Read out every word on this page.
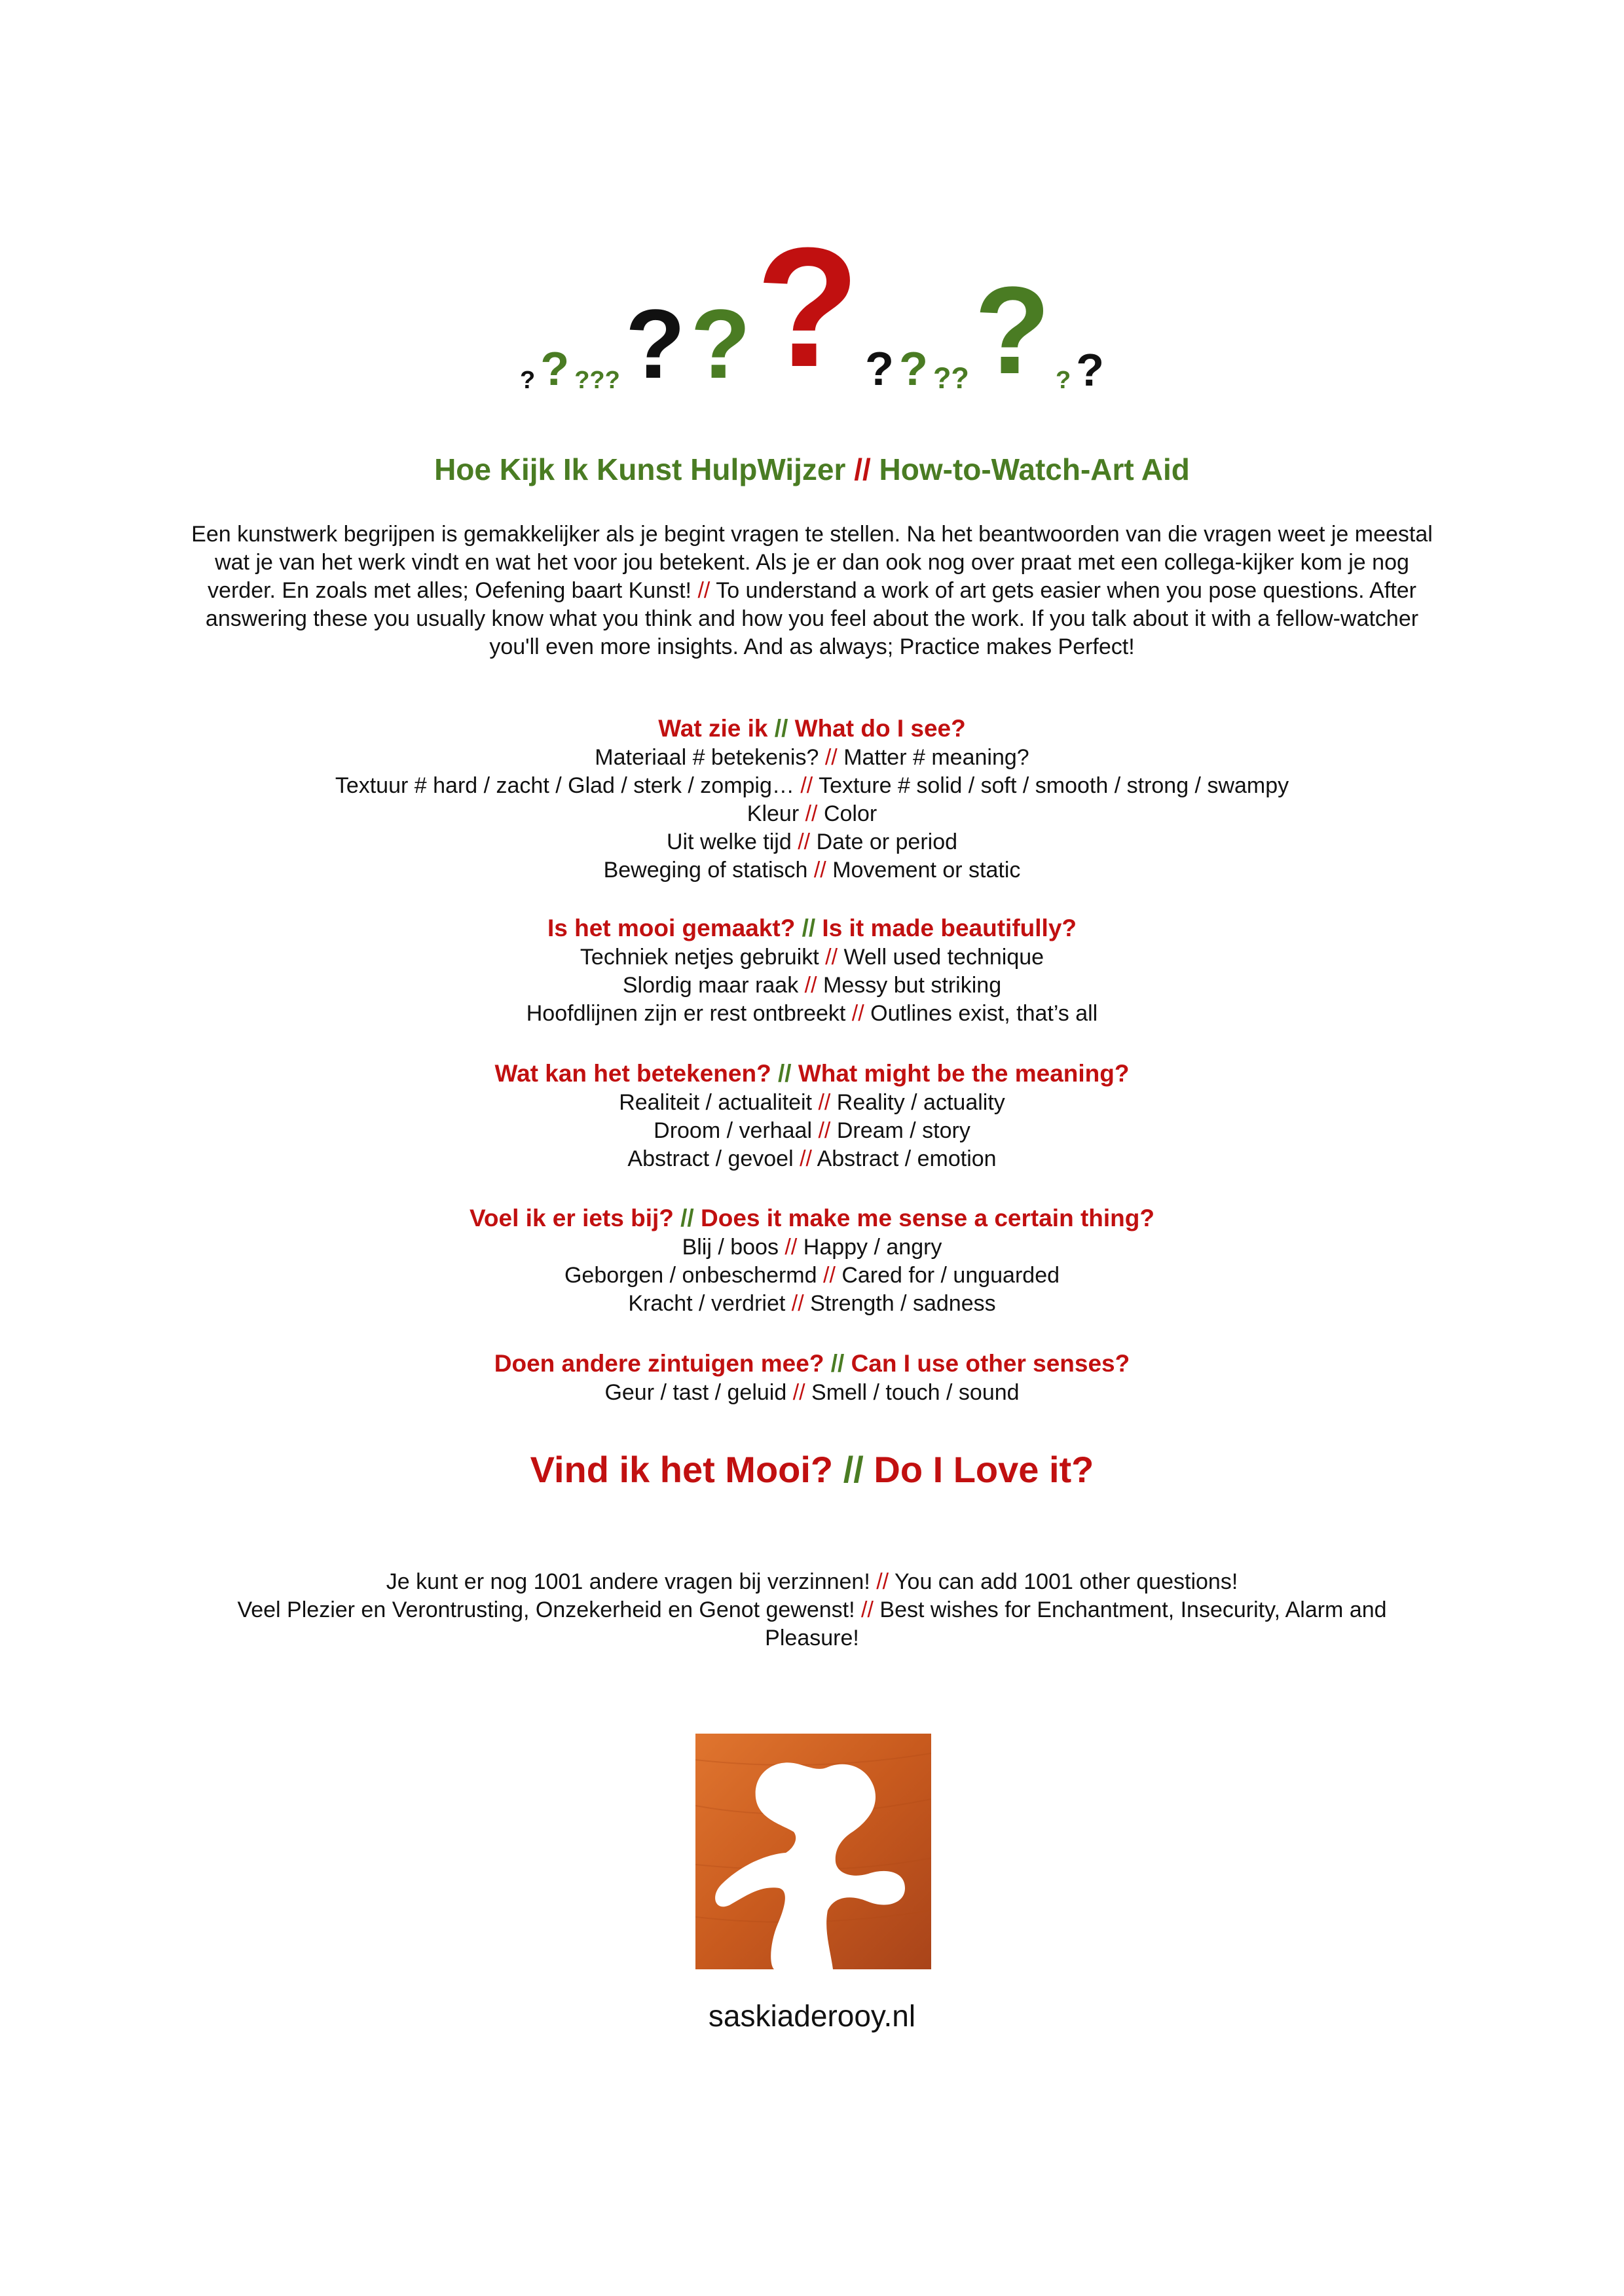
? ? ??? ? ? ? ? ? ?? ? ? ?
Hoe Kijk Ik Kunst HulpWijzer // How-to-Watch-Art Aid
Een kunstwerk begrijpen is gemakkelijker als je begint vragen te stellen. Na het beantwoorden van die vragen weet je meestal wat je van het werk vindt en wat het voor jou betekent. Als je er dan ook nog over praat met een collega-kijker kom je nog verder. En zoals met alles; Oefening baart Kunst! // To understand a work of art gets easier when you pose questions. After answering these you usually know what you think and how you feel about the work. If you talk about it with a fellow-watcher you'll even more insights. And as always; Practice makes Perfect!
Wat zie ik // What do I see?
Materiaal # betekenis? // Matter # meaning?
Textuur # hard / zacht / Glad / sterk / zompig… // Texture # solid / soft / smooth / strong / swampy
Kleur // Color
Uit welke tijd // Date or period
Beweging of statisch // Movement or static
Is het mooi gemaakt? // Is it made beautifully?
Techniek netjes gebruikt // Well used technique
Slordig maar raak // Messy but striking
Hoofdlijnen zijn er rest ontbreekt // Outlines exist, that’s all
Wat kan het betekenen? // What might be the meaning?
Realiteit / actualiteit // Reality / actuality
Droom / verhaal // Dream / story
Abstract / gevoel // Abstract / emotion
Voel ik er iets bij? // Does it make me sense a certain thing?
Blij / boos // Happy / angry
Geborgen / onbeschermd // Cared for / unguarded
Kracht / verdriet // Strength / sadness
Doen andere zintuigen mee? // Can I use other senses?
Geur / tast / geluid // Smell / touch / sound
Vind ik het Mooi? // Do I Love it?
Je kunt er nog 1001 andere vragen bij verzinnen! // You can add 1001 other questions!
Veel Plezier en Verontrusting, Onzekerheid en Genot gewenst! // Best wishes for Enchantment, Insecurity, Alarm and Pleasure!
saskiaderooy.nl
